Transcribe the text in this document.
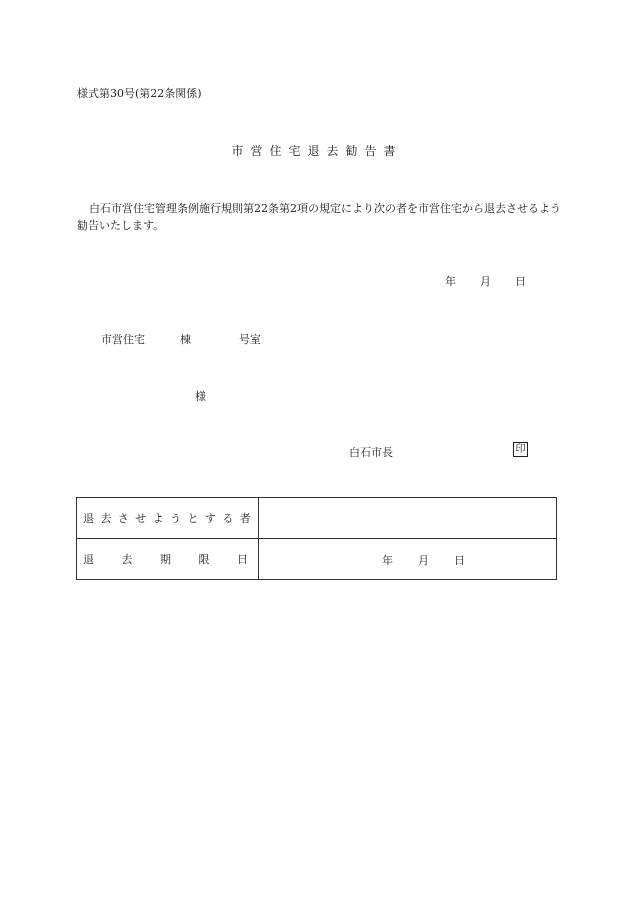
様式第30号(第22条関係)
市営住宅退去勧告書
白石市営住宅管理条例施行規則第22条第2項の規定により次の者を市営住宅から退去させるよう勧告いたします。
年 月 日
市営住宅	棟	号室
様
白石市長	印
退去させようとする者	

退 去 期 限 日	年 月 日
